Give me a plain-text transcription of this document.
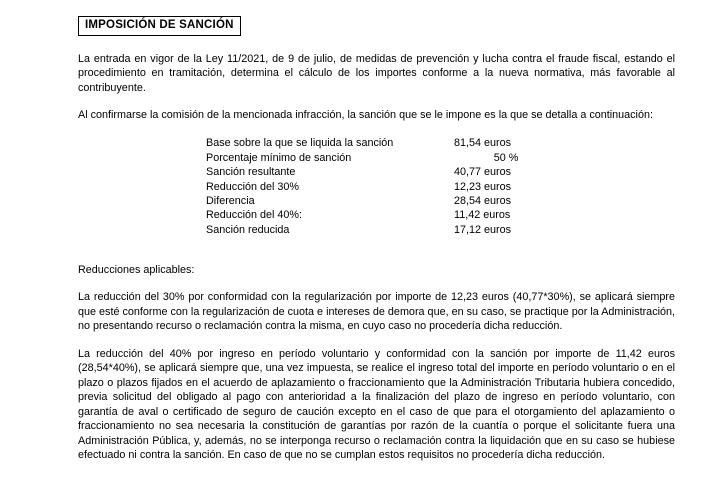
IMPOSICIÓN DE SANCIÓN

La entrada en vigor de la Ley 11/2021, de 9 de julio, de medidas de prevención y lucha contra el fraude fiscal, estando el procedimiento en tramitación, determina el cálculo de los importes conforme a la nueva normativa, más favorable al contribuyente.

Al confirmarse la comisión de la mencionada infracción, la sanción que se le impone es la que se detalla a continuación:

Base sobre la que se liquida la sanción	81,54 euros
Porcentaje mínimo de sanción	50 %
Sanción resultante	40,77 euros
Reducción del 30%	12,23 euros
Diferencia	28,54 euros
Reducción del 40%:	11,42 euros
Sanción reducida	17,12 euros
Reducciones aplicables:

La reducción del 30% por conformidad con la regularización por importe de 12,23 euros (40,77*30%), se aplicará siempre que esté conforme con la regularización de cuota e intereses de demora que, en su caso, se practique por la Administración, no presentando recurso o reclamación contra la misma, en cuyo caso no procedería dicha reducción.

La reducción del 40% por ingreso en período voluntario y conformidad con la sanción por importe de 11,42 euros (28,54*40%), se aplicará siempre que, una vez impuesta, se realice el ingreso total del importe en período voluntario o en el plazo o plazos fijados en el acuerdo de aplazamiento o fraccionamiento que la Administración Tributaria hubiera concedido, previa solicitud del obligado al pago con anterioridad a la finalización del plazo de ingreso en período voluntario, con garantía de aval o certificado de seguro de caución excepto en el caso de que para el otorgamiento del aplazamiento o fraccionamiento no sea necesaria la constitución de garantías por razón de la cuantía o porque el solicitante fuera una Administración Pública, y, además, no se interponga recurso o reclamación contra la liquidación que en su caso se hubiese efectuado ni contra la sanción. En caso de que no se cumplan estos requisitos no procedería dicha reducción.
